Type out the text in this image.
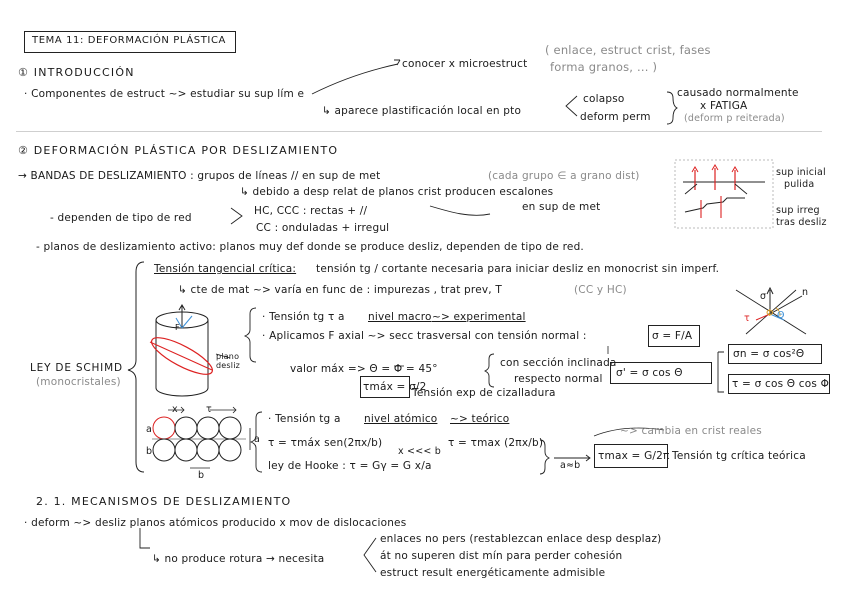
TEMA 11: DEFORMACIÓN PLÁSTICA
① INTRODUCCIÓN
· Componentes de estruct ~> estudiar su sup lím e
conocer x microestruct
( enlace, estruct crist, fases
forma granos, ... )
↳ aparece plastificación local en pto
colapso
deform perm
causado normalmente
x FATIGA
(deform p reiterada)
② DEFORMACIÓN PLÁSTICA POR DESLIZAMIENTO
→ BANDAS DE DESLIZAMIENTO : grupos de líneas // en sup de met	(cada grupo ∈ a grano dist)
↳ debido a desp relat de planos crist producen escalones
en sup de met
- dependen de tipo de red
HC, CCC : rectas + //
CC : onduladas + irregul
- planos de deslizamiento activo: planos muy def donde se produce desliz, dependen de tipo de red.
sup inicial
pulida
sup irreg
tras desliz
LEY DE SCHIMD
(monocristales)
Tensión tangencial crítica: tensión tg / cortante necesaria para iniciar desliz en monocrist sin imperf.
↳ cte de mat ~> varía en func de : impurezas , trat prev, T	(CC y HC)
F
plano desliz
· Tensión tg τ a nivel macro ~> experimental
· Aplicamos F axial ~> secc trasversal con tensión normal :	σ = F/A
valor máx => Θ = Φ = 45°
τmáx = σ/2
Tensión exp de cizalladura
con sección inclinada
respecto normal σ' = σ cos Θ
σn = σ cos²Θ
τ = σ cos Θ cos Φ
σ	n
τ Φ Θ
x	τ
a
b
a
b
· Tensión tg a nivel atómico ~> teórico
τ = τmáx sen(2πx/b)
x <<< b
τ = τmax (2πx/b)
ley de Hooke : τ = Gγ = G x/a
~> cambia en crist reales
a≈b
τmax = G/2π Tensión tg crítica teórica
2. 1. MECANISMOS DE DESLIZAMIENTO
· deform ~> desliz planos atómicos producido x mov de dislocaciones
↳ no produce rotura → necesita
enlaces no pers (restablezcan enlace desp desplaz)
át no superen dist mín para perder cohesión
estruct result energéticamente admisible
